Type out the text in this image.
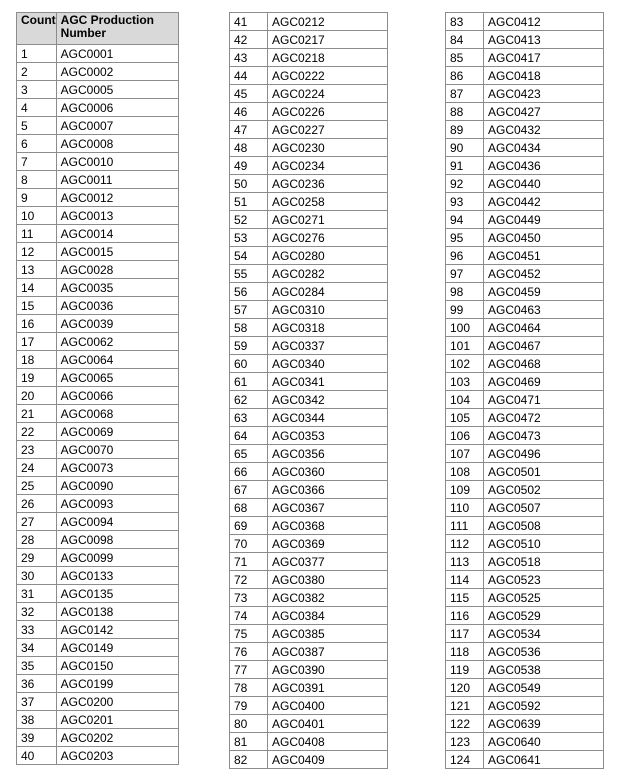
Count	AGC Production Number
1	AGC0001
2	AGC0002
3	AGC0005
4	AGC0006
5	AGC0007
6	AGC0008
7	AGC0010
8	AGC0011
9	AGC0012
10	AGC0013
11	AGC0014
12	AGC0015
13	AGC0028
14	AGC0035
15	AGC0036
16	AGC0039
17	AGC0062
18	AGC0064
19	AGC0065
20	AGC0066
21	AGC0068
22	AGC0069
23	AGC0070
24	AGC0073
25	AGC0090
26	AGC0093
27	AGC0094
28	AGC0098
29	AGC0099
30	AGC0133
31	AGC0135
32	AGC0138
33	AGC0142
34	AGC0149
35	AGC0150
36	AGC0199
37	AGC0200
38	AGC0201
39	AGC0202
40	AGC0203
41	AGC0212
42	AGC0217
43	AGC0218
44	AGC0222
45	AGC0224
46	AGC0226
47	AGC0227
48	AGC0230
49	AGC0234
50	AGC0236
51	AGC0258
52	AGC0271
53	AGC0276
54	AGC0280
55	AGC0282
56	AGC0284
57	AGC0310
58	AGC0318
59	AGC0337
60	AGC0340
61	AGC0341
62	AGC0342
63	AGC0344
64	AGC0353
65	AGC0356
66	AGC0360
67	AGC0366
68	AGC0367
69	AGC0368
70	AGC0369
71	AGC0377
72	AGC0380
73	AGC0382
74	AGC0384
75	AGC0385
76	AGC0387
77	AGC0390
78	AGC0391
79	AGC0400
80	AGC0401
81	AGC0408
82	AGC0409
83	AGC0412
84	AGC0413
85	AGC0417
86	AGC0418
87	AGC0423
88	AGC0427
89	AGC0432
90	AGC0434
91	AGC0436
92	AGC0440
93	AGC0442
94	AGC0449
95	AGC0450
96	AGC0451
97	AGC0452
98	AGC0459
99	AGC0463
100	AGC0464
101	AGC0467
102	AGC0468
103	AGC0469
104	AGC0471
105	AGC0472
106	AGC0473
107	AGC0496
108	AGC0501
109	AGC0502
110	AGC0507
111	AGC0508
112	AGC0510
113	AGC0518
114	AGC0523
115	AGC0525
116	AGC0529
117	AGC0534
118	AGC0536
119	AGC0538
120	AGC0549
121	AGC0592
122	AGC0639
123	AGC0640
124	AGC0641
